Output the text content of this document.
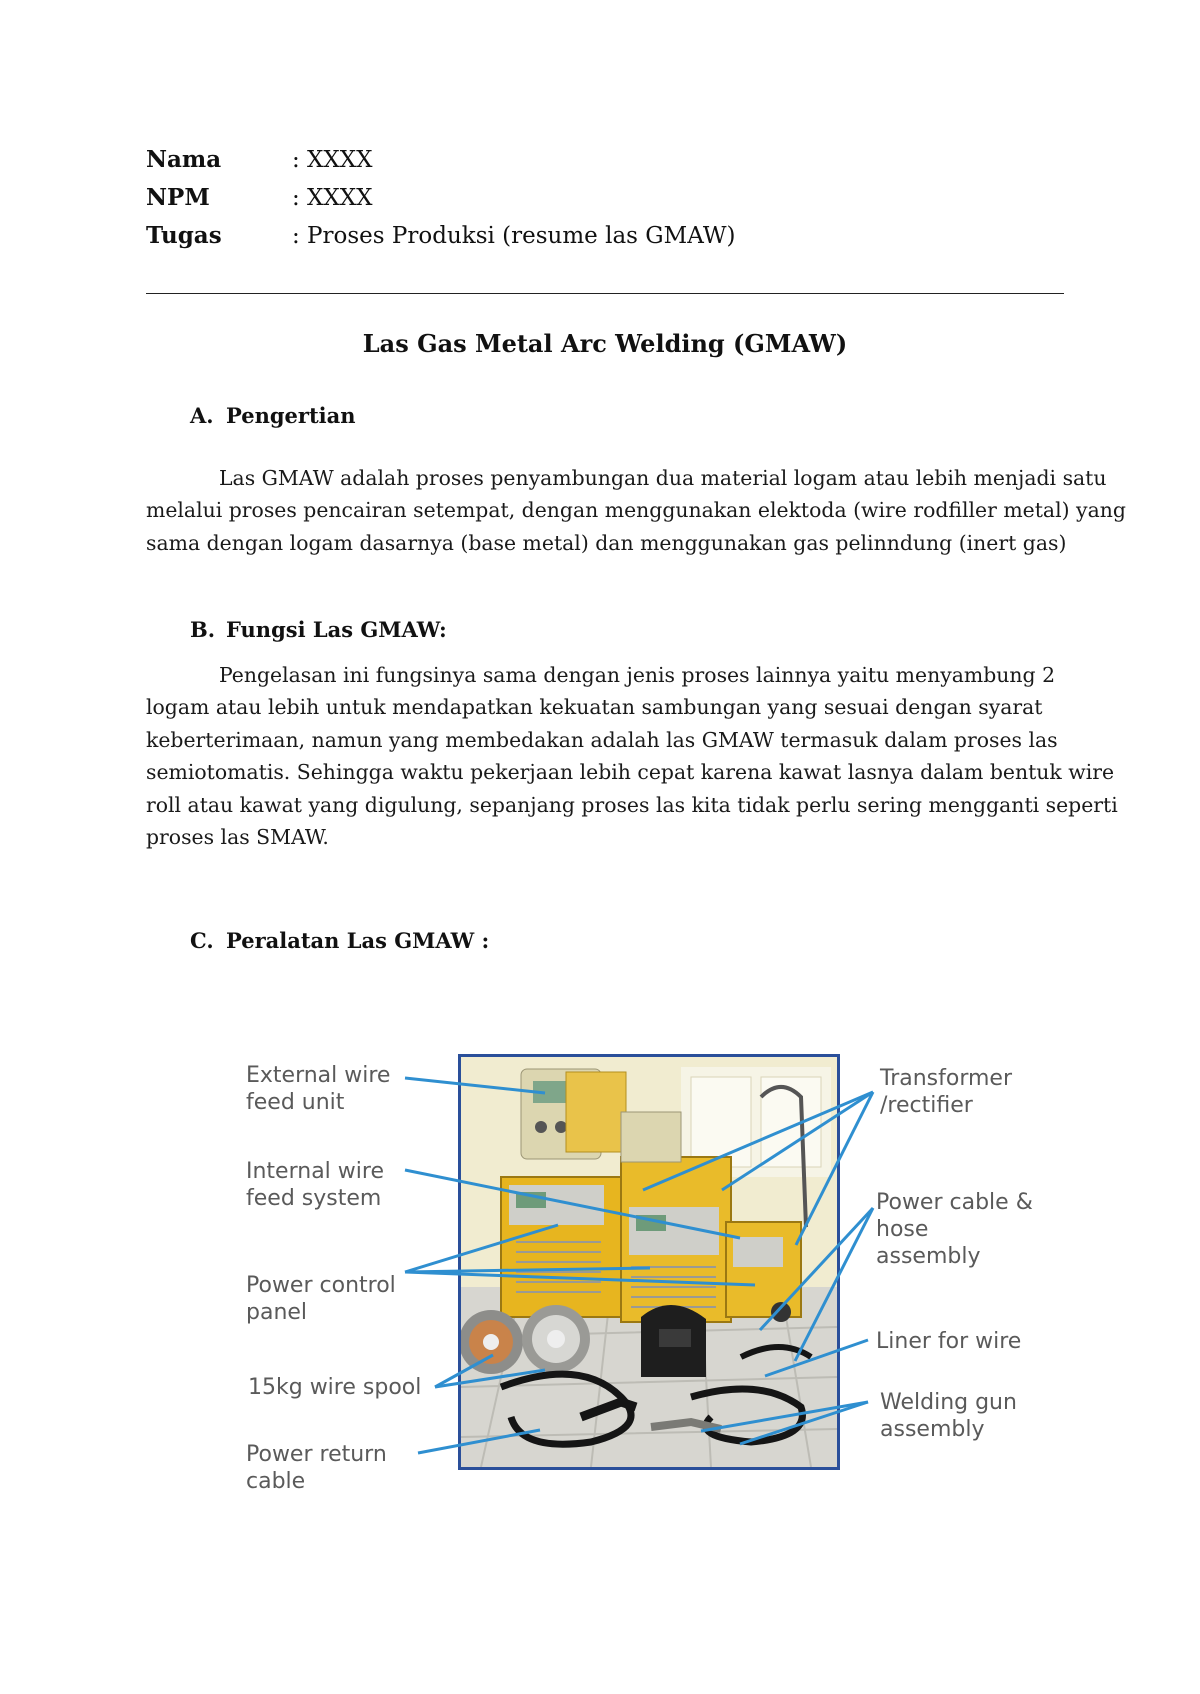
Nama	: XXXX
NPM	: XXXX
Tugas	: Proses Produksi (resume las GMAW)
Las Gas Metal Arc Welding (GMAW)
A. Pengertian

Las GMAW adalah proses penyambungan dua material logam atau lebih menjadi satu

melalui proses pencairan setempat, dengan menggunakan elektoda (wire rodfiller metal) yang

sama dengan logam dasarnya (base metal) dan menggunakan gas pelinndung (inert gas)

B. Fungsi Las GMAW:

Pengelasan ini fungsinya sama dengan jenis proses lainnya yaitu menyambung 2

logam atau lebih untuk mendapatkan kekuatan sambungan yang sesuai dengan syarat

keberterimaan, namun yang membedakan adalah las GMAW termasuk dalam proses las

semiotomatis. Sehingga waktu pekerjaan lebih cepat karena kawat lasnya dalam bentuk wire

roll atau kawat yang digulung, sepanjang proses las kita tidak perlu sering mengganti seperti

proses las SMAW.

C. Peralatan Las GMAW :
External wire
feed unit
Internal wire
feed system
Power control
panel
15kg wire spool
Power return
cable
Transformer
/rectifier
Power cable &
hose
assembly
Liner for wire
Welding gun
assembly
